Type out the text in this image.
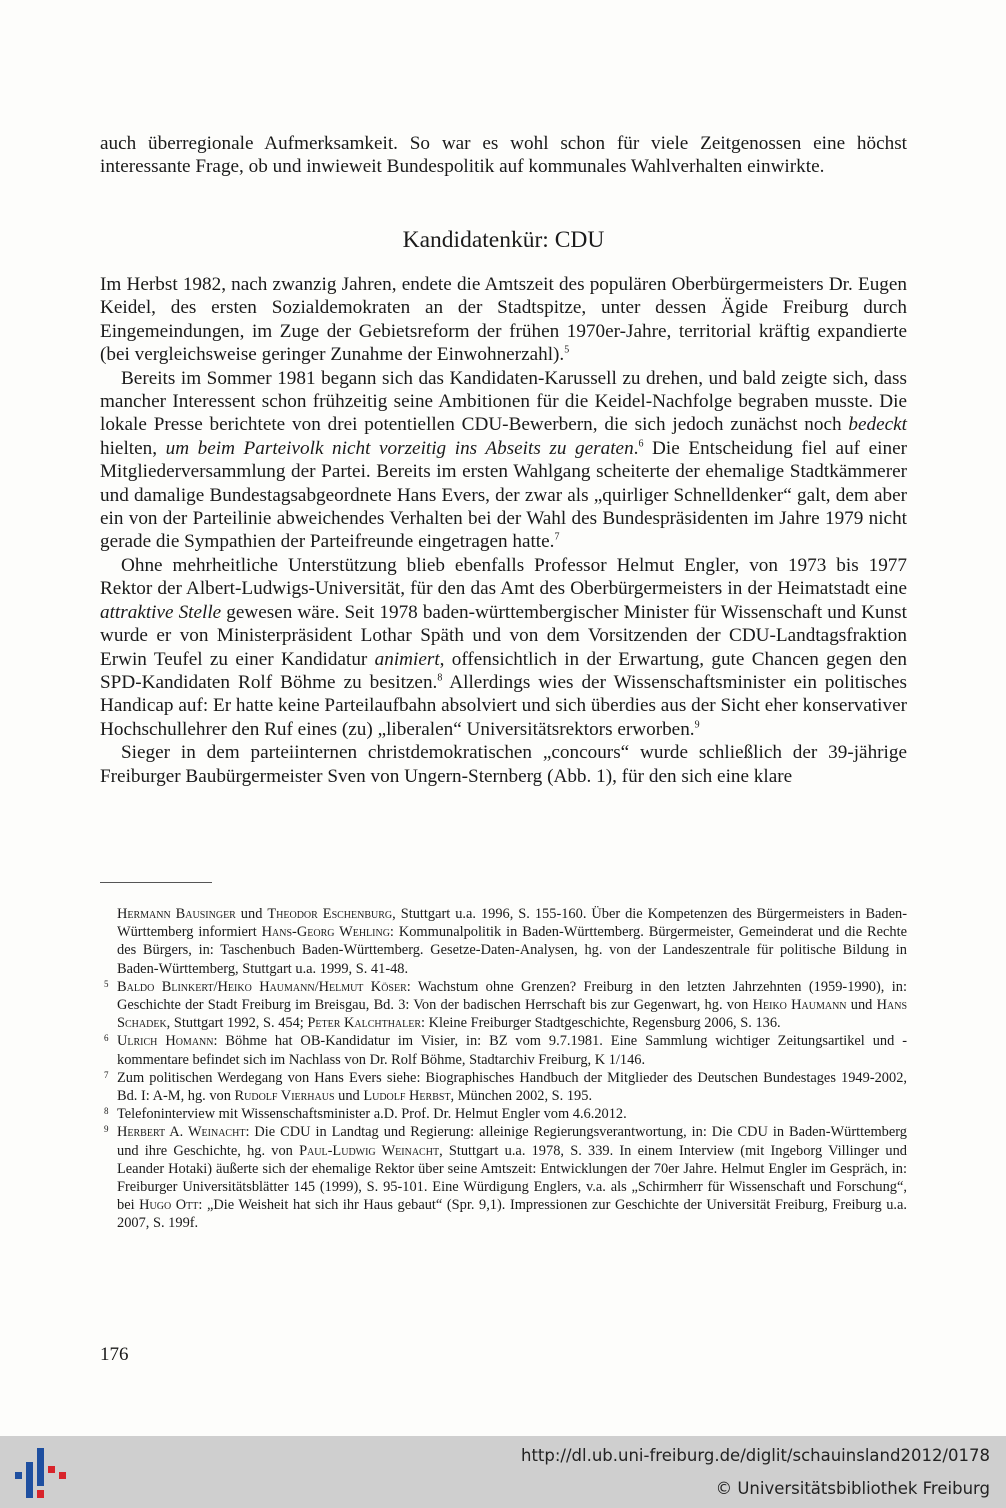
auch überregionale Aufmerksamkeit. So war es wohl schon für viele Zeitgenossen eine höchst interessante Frage, ob und inwieweit Bundespolitik auf kommunales Wahlverhalten einwirkte.

Kandidatenkür: CDU

Im Herbst 1982, nach zwanzig Jahren, endete die Amtszeit des populären Oberbürgermeisters Dr. Eugen Keidel, des ersten Sozialdemokraten an der Stadtspitze, unter dessen Ägide Freiburg durch Eingemeindungen, im Zuge der Gebietsreform der frühen 1970er-Jahre, territorial kräftig expandierte (bei vergleichsweise geringer Zunahme der Einwohnerzahl).$^5$

Bereits im Sommer 1981 begann sich das Kandidaten-Karussell zu drehen, und bald zeigte sich, dass mancher Interessent schon frühzeitig seine Ambitionen für die Keidel-Nachfolge begraben musste. Die lokale Presse berichtete von drei potentiellen CDU-Bewerbern, die sich jedoch zunächst noch bedeckt hielten, um beim Parteivolk nicht vorzeitig ins Abseits zu geraten.$^6$ Die Entscheidung fiel auf einer Mitgliederversammlung der Partei. Bereits im ersten Wahlgang scheiterte der ehemalige Stadtkämmerer und damalige Bundestagsabgeordnete Hans Evers, der zwar als „quirliger Schnelldenker“ galt, dem aber ein von der Parteilinie abweichendes Verhalten bei der Wahl des Bundespräsidenten im Jahre 1979 nicht gerade die Sympathien der Parteifreunde eingetragen hatte.$^7$

Ohne mehrheitliche Unterstützung blieb ebenfalls Professor Helmut Engler, von 1973 bis 1977 Rektor der Albert-Ludwigs-Universität, für den das Amt des Oberbürgermeisters in der Heimatstadt eine attraktive Stelle gewesen wäre. Seit 1978 baden-württembergischer Minister für Wissenschaft und Kunst wurde er von Ministerpräsident Lothar Späth und von dem Vorsitzenden der CDU-Landtagsfraktion Erwin Teufel zu einer Kandidatur animiert, offensichtlich in der Erwartung, gute Chancen gegen den SPD-Kandidaten Rolf Böhme zu besitzen.$^8$ Allerdings wies der Wissenschaftsminister ein politisches Handicap auf: Er hatte keine Parteilaufbahn absolviert und sich überdies aus der Sicht eher konservativer Hochschullehrer den Ruf eines (zu) „liberalen“ Universitätsrektors erworben.$^9$

Sieger in dem parteiinternen christdemokratischen „concours“ wurde schließlich der 39-jährige Freiburger Baubürgermeister Sven von Ungern-Sternberg (Abb. 1), für den sich eine klare

Hermann Bausinger und Theodor Eschenburg, Stuttgart u.a. 1996, S. 155-160. Über die Kompetenzen des Bürgermeisters in Baden-Württemberg informiert Hans-Georg Wehling: Kommunalpolitik in Baden-Württemberg. Bürgermeister, Gemeinderat und die Rechte des Bürgers, in: Taschenbuch Baden-Württemberg. Gesetze-Daten-Analysen, hg. von der Landeszentrale für politische Bildung in Baden-Württemberg, Stuttgart u.a. 1999, S. 41-48.

5 Baldo Blinkert/Heiko Haumann/Helmut Köser: Wachstum ohne Grenzen? Freiburg in den letzten Jahrzehnten (1959-1990), in: Geschichte der Stadt Freiburg im Breisgau, Bd. 3: Von der badischen Herrschaft bis zur Gegenwart, hg. von Heiko Haumann und Hans Schadek, Stuttgart 1992, S. 454; Peter Kalchthaler: Kleine Freiburger Stadtgeschichte, Regensburg 2006, S. 136.

6 Ulrich Homann: Böhme hat OB-Kandidatur im Visier, in: BZ vom 9.7.1981. Eine Sammlung wichtiger Zeitungsartikel und -kommentare befindet sich im Nachlass von Dr. Rolf Böhme, Stadtarchiv Freiburg, K 1/146.

7 Zum politischen Werdegang von Hans Evers siehe: Biographisches Handbuch der Mitglieder des Deutschen Bundestages 1949-2002, Bd. I: A-M, hg. von Rudolf Vierhaus und Ludolf Herbst, München 2002, S. 195.

8 Telefoninterview mit Wissenschaftsminister a.D. Prof. Dr. Helmut Engler vom 4.6.2012.

9 Herbert A. Weinacht: Die CDU in Landtag und Regierung: alleinige Regierungsverantwortung, in: Die CDU in Baden-Württemberg und ihre Geschichte, hg. von Paul-Ludwig Weinacht, Stuttgart u.a. 1978, S. 339. In einem Interview (mit Ingeborg Villinger und Leander Hotaki) äußerte sich der ehemalige Rektor über seine Amtszeit: Entwicklungen der 70er Jahre. Helmut Engler im Gespräch, in: Freiburger Universitätsblätter 145 (1999), S. 95-101. Eine Würdigung Englers, v.a. als „Schirmherr für Wissenschaft und Forschung“, bei Hugo Ott: „Die Weisheit hat sich ihr Haus gebaut“ (Spr. 9,1). Impressionen zur Geschichte der Universität Freiburg, Freiburg u.a. 2007, S. 199f.

176
http://dl.ub.uni-freiburg.de/diglit/schauinsland2012/0178
© Universitätsbibliothek Freiburg
